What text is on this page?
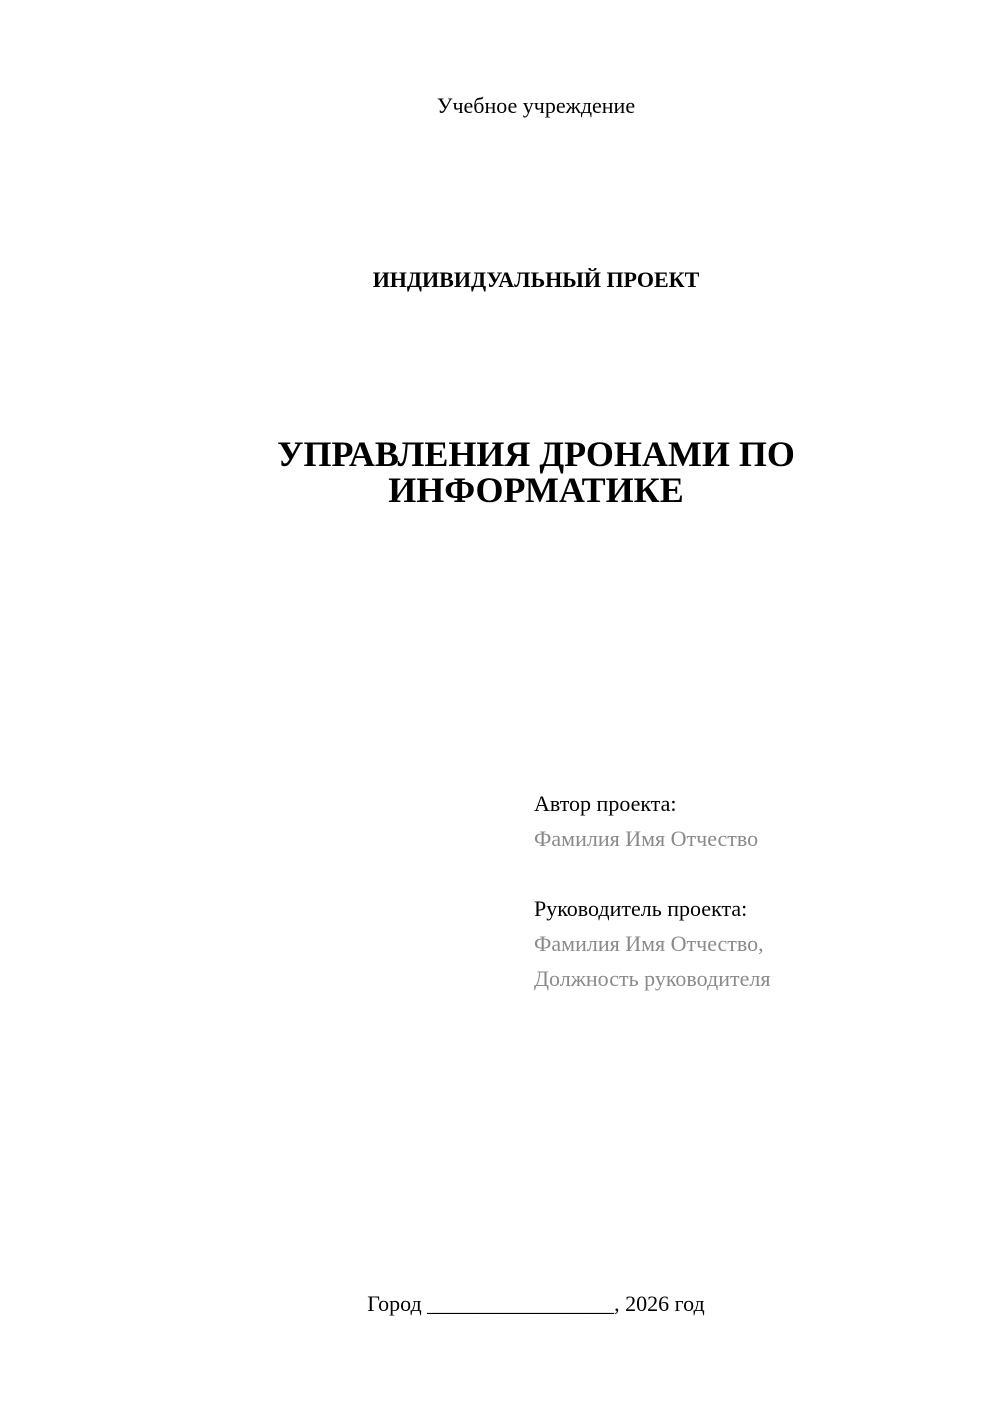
Учебное учреждение
ИНДИВИДУАЛЬНЫЙ ПРОЕКТ
УПРАВЛЕНИЯ ДРОНАМИ ПО
ИНФОРМАТИКЕ
Автор проекта:
Фамилия Имя Отчество
Руководитель проекта:
Фамилия Имя Отчество,
Должность руководителя
Город _________________, 2026 год
